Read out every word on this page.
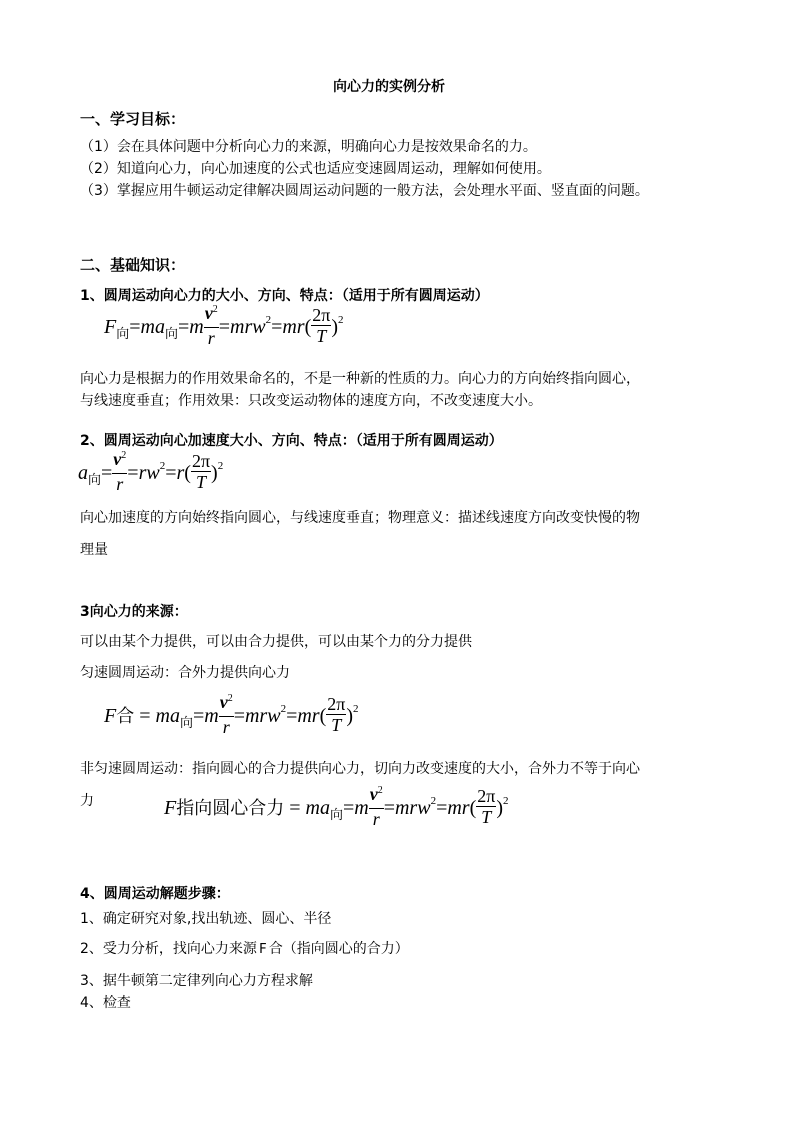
向心力的实例分析
一、学习目标：
（1）会在具体问题中分析向心力的来源，明确向心力是按效果命名的力。
（2）知道向心力，向心加速度的公式也适应变速圆周运动，理解如何使用。
（3）掌握应用牛顿运动定律解决圆周运动问题的一般方法，会处理水平面、竖直面的问题。
二、基础知识：
1、圆周运动向心力的大小、方向、特点：（适用于所有圆周运动）
$F_向=ma_向=m \frac{v^2}{r} =mrw^2=mr( \frac{2\pi}{T} )^2$
向心力是根据力的作用效果命名的，不是一种新的性质的力。向心力的方向始终指向圆心，
与线速度垂直；作用效果：只改变运动物体的速度方向，不改变速度大小。
2、圆周运动向心加速度大小、方向、特点：（适用于所有圆周运动）
$a_向= \frac{v^2}{r} =rw^2=r( \frac{2\pi}{T} )^2$
向心加速度的方向始终指向圆心，与线速度垂直；物理意义：描述线速度方向改变快慢的物
理量
3向心力的来源：
可以由某个力提供，可以由合力提供，可以由某个力的分力提供
匀速圆周运动：合外力提供向心力
F合 = $ma_向=m \frac{v^2}{r} =mrw^2=mr( \frac{2\pi}{T} )^2$
非匀速圆周运动：指向圆心的合力提供向心力，切向力改变速度的大小，合外力不等于向心
力	F指向圆心合力 = $ma_向=m \frac{v^2}{r} =mrw^2=mr( \frac{2\pi}{T} )^2$
4、圆周运动解题步骤：
1、确定研究对象,找出轨迹、圆心、半径
2、受力分析，找向心力来源 F 合（指向圆心的合力）
3、据牛顿第二定律列向心力方程求解
4、检查
